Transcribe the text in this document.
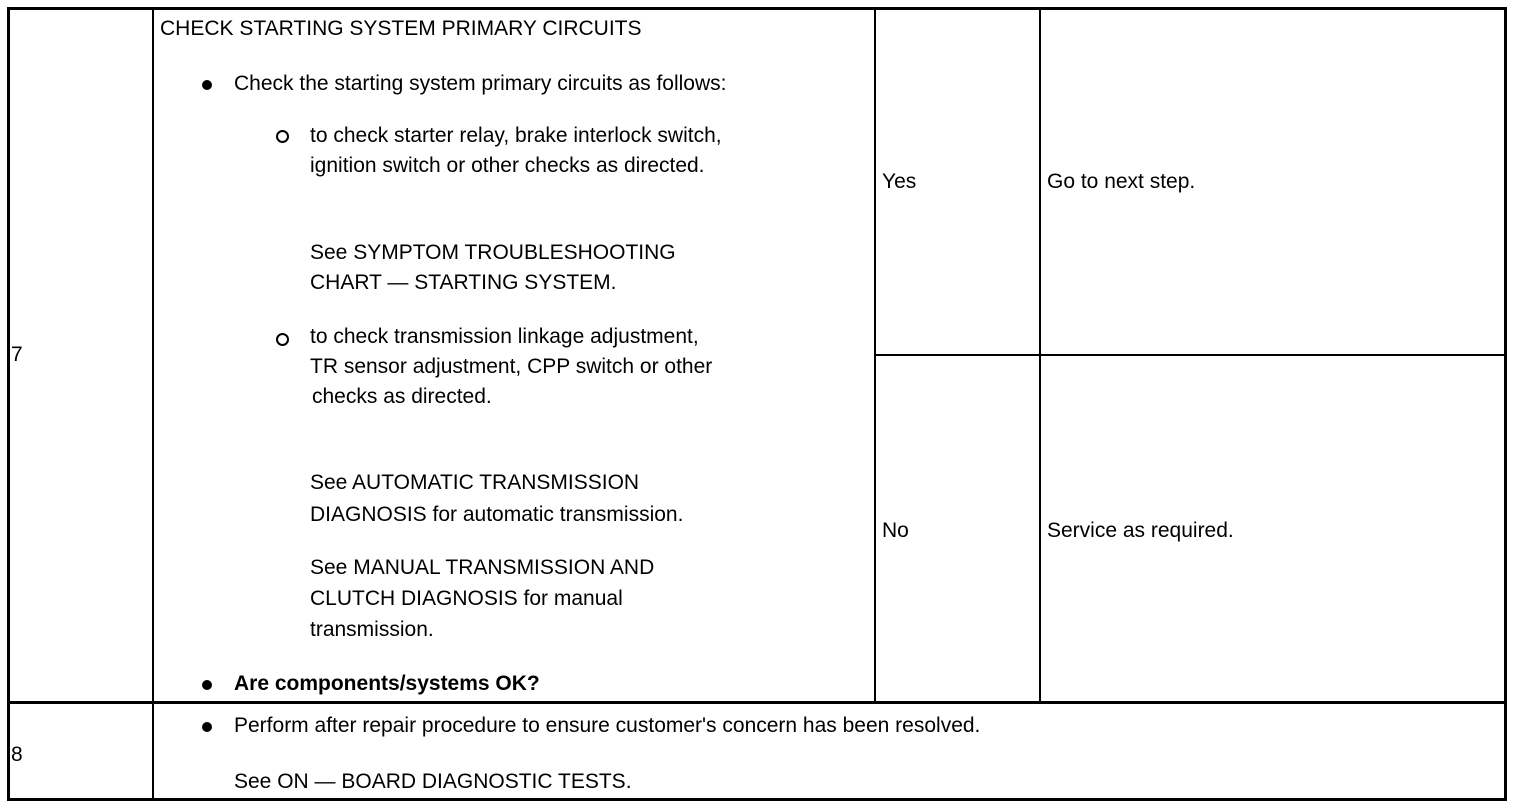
7
CHECK STARTING SYSTEM PRIMARY CIRCUITS
Check the starting system primary circuits as follows:
to check starter relay, brake interlock switch,
ignition switch or other checks as directed.
See SYMPTOM TROUBLESHOOTING
CHART — STARTING SYSTEM.
to check transmission linkage adjustment,
TR sensor adjustment, CPP switch or other
checks as directed.
See AUTOMATIC TRANSMISSION
DIAGNOSIS for automatic transmission.
See MANUAL TRANSMISSION AND
CLUTCH DIAGNOSIS for manual
transmission.
Are components/systems OK?
Yes	Go to next step.
No	Service as required.
8
Perform after repair procedure to ensure customer's concern has been resolved.
See ON — BOARD DIAGNOSTIC TESTS.
